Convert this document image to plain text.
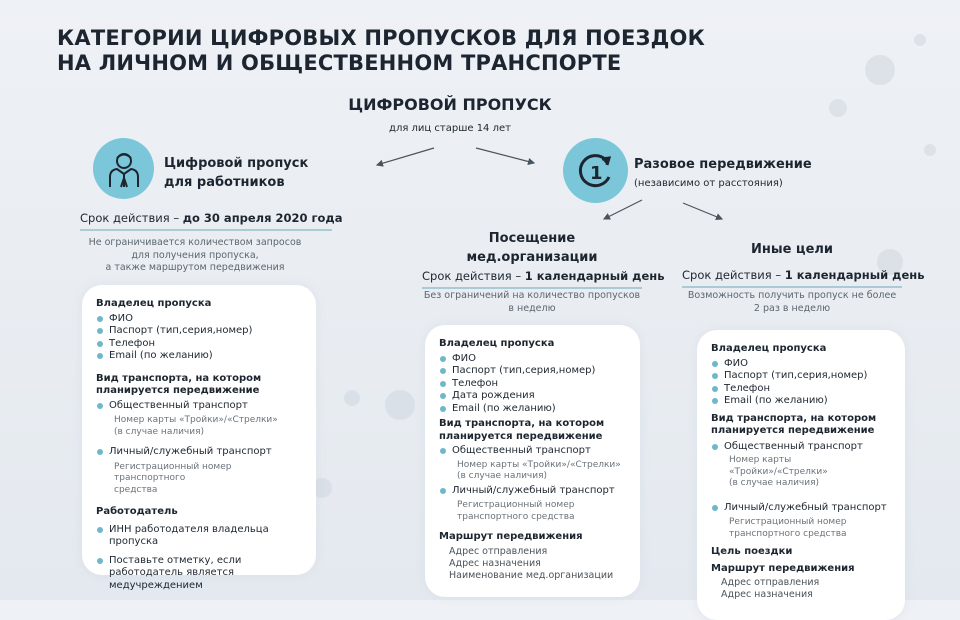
КАТЕГОРИИ ЦИФРОВЫХ ПРОПУСКОВ ДЛЯ ПОЕЗДОК
НА ЛИЧНОМ И ОБЩЕСТВЕННОМ ТРАНСПОРТЕ
ЦИФРОВОЙ ПРОПУСК
для лиц старше 14 лет
Цифровой пропуск
для работников
Срок действия – до 30 апреля 2020 года
Не ограничивается количеством запросов
для получения пропуска,
а также маршрутом передвижения
Владелец пропуска
ФИО
Паспорт (тип,серия,номер)
Телефон
Email (по желанию)
Вид транспорта, на котором
планируется передвижение
Общественный транспорт
Номер карты «Тройки»/«Стрелки»
(в случае наличия)
Личный/служебный транспорт
Регистрационный номер транспортного
средства
Работодатель
ИНН работодателя владельца пропуска
Поставьте отметку, если работодатель является медучреждением
1 Разовое передвижение
(независимо от расстояния)
Посещение
мед.организации
Срок действия – 1 календарный день
Без ограничений на количество пропусков
в неделю
Владелец пропуска
ФИО
Паспорт (тип,серия,номер)
Телефон
Дата рождения
Email (по желанию)
Вид транспорта, на котором
планируется передвижение
Общественный транспорт
Номер карты «Тройки»/«Стрелки»
(в случае наличия)
Личный/служебный транспорт
Регистрационный номер
транспортного средства
Маршрут передвижения
Адрес отправления
Адрес назначения
Наименование мед.организации
Иные цели
Срок действия – 1 календарный день
Возможность получить пропуск не более
2 раз в неделю
Владелец пропуска
ФИО
Паспорт (тип,серия,номер)
Телефон
Email (по желанию)
Вид транспорта, на котором
планируется передвижение
Общественный транспорт
Номер карты «Тройки»/«Стрелки»
(в случае наличия)
Личный/служебный транспорт
Регистрационный номер
транспортного средства
Цель поездки
Маршрут передвижения
Адрес отправления
Адрес назначения
